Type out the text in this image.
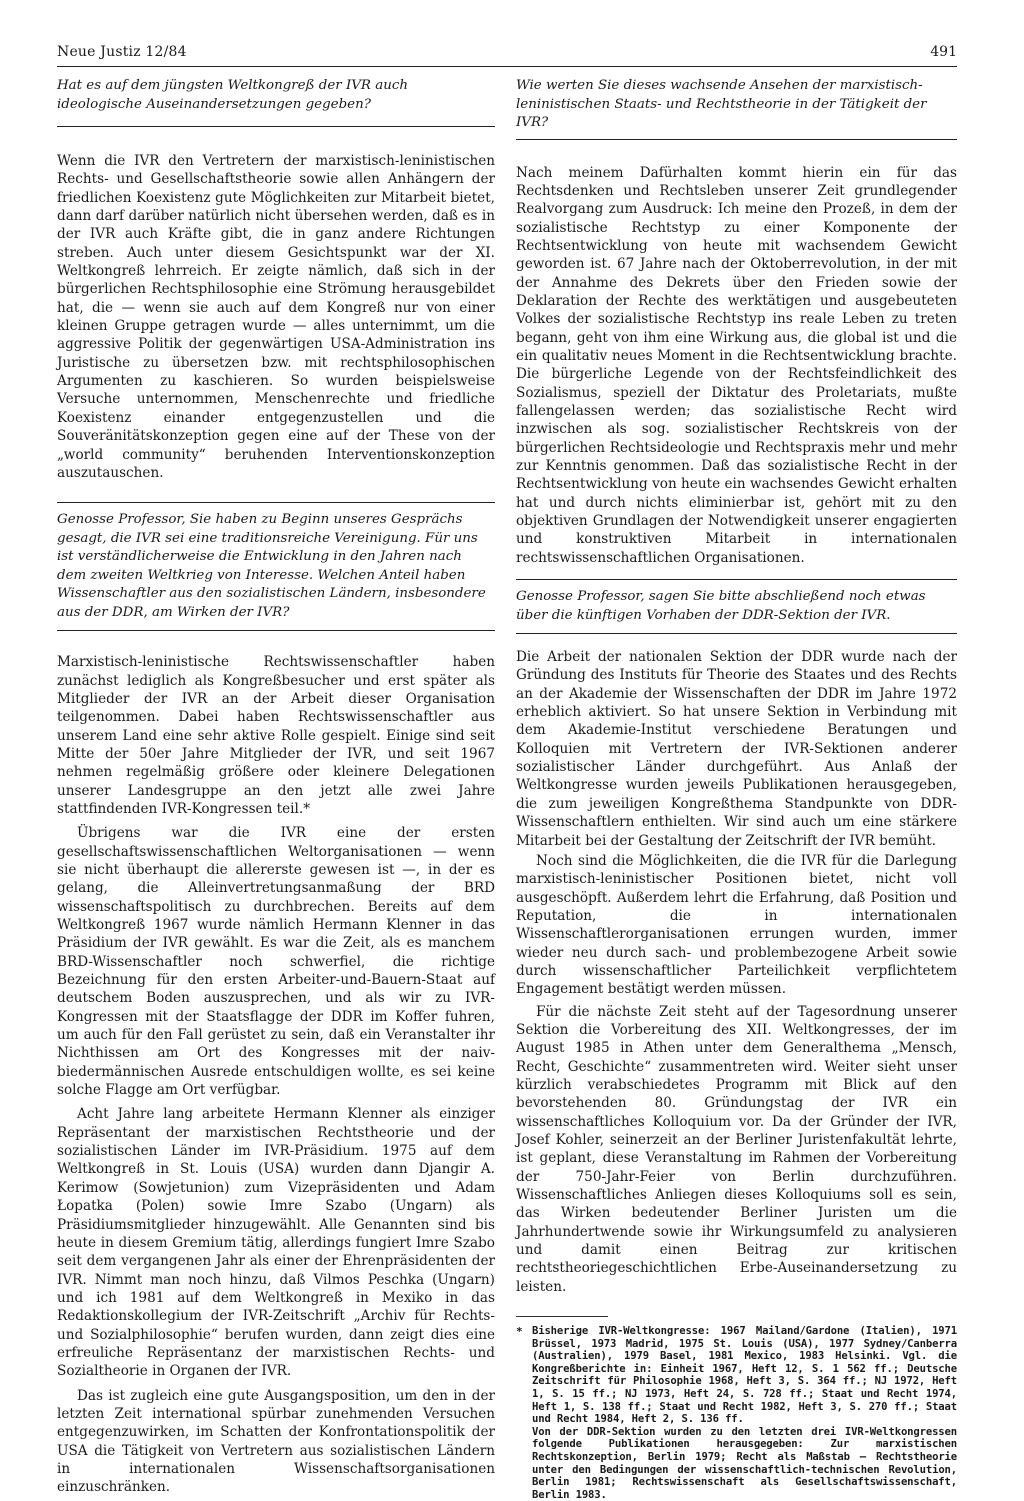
Neue Justiz 12/84	491

Hat es auf dem jüngsten Weltkongreß der IVR auch ideologische Auseinandersetzungen gegeben?

Wenn die IVR den Vertretern der marxistisch-leninistischen Rechts- und Gesellschaftstheorie sowie allen Anhängern der friedlichen Koexistenz gute Möglichkeiten zur Mitarbeit bietet, dann darf darüber natürlich nicht übersehen werden, daß es in der IVR auch Kräfte gibt, die in ganz andere Richtungen streben. Auch unter diesem Gesichtspunkt war der XI. Weltkongreß lehrreich. Er zeigte nämlich, daß sich in der bürgerlichen Rechtsphilosophie eine Strömung herausgebildet hat, die — wenn sie auch auf dem Kongreß nur von einer kleinen Gruppe getragen wurde — alles unternimmt, um die aggressive Politik der gegenwärtigen USA-Administration ins Juristische zu übersetzen bzw. mit rechtsphilosophischen Argumenten zu kaschieren. So wurden beispielsweise Versuche unternommen, Menschenrechte und friedliche Koexistenz einander entgegenzustellen und die Souveränitätskonzeption gegen eine auf der These von der „world community“ beruhenden Interventionskonzeption auszutauschen.

Genosse Professor, Sie haben zu Beginn unseres Gesprächs gesagt, die IVR sei eine traditionsreiche Vereinigung. Für uns ist verständlicherweise die Entwicklung in den Jahren nach dem zweiten Weltkrieg von Interesse. Welchen Anteil haben Wissenschaftler aus den sozialistischen Ländern, insbesondere aus der DDR, am Wirken der IVR?

Marxistisch-leninistische Rechtswissenschaftler haben zunächst lediglich als Kongreßbesucher und erst später als Mitglieder der IVR an der Arbeit dieser Organisation teilgenommen. Dabei haben Rechtswissenschaftler aus unserem Land eine sehr aktive Rolle gespielt. Einige sind seit Mitte der 50er Jahre Mitglieder der IVR, und seit 1967 nehmen regelmäßig größere oder kleinere Delegationen unserer Landesgruppe an den jetzt alle zwei Jahre stattfindenden IVR-Kongressen teil.*

Übrigens war die IVR eine der ersten gesellschaftswissenschaftlichen Weltorganisationen — wenn sie nicht überhaupt die allererste gewesen ist —, in der es gelang, die Alleinvertretungsanmaßung der BRD wissenschaftspolitisch zu durchbrechen. Bereits auf dem Weltkongreß 1967 wurde nämlich Hermann Klenner in das Präsidium der IVR gewählt. Es war die Zeit, als es manchem BRD-Wissenschaftler noch schwerfiel, die richtige Bezeichnung für den ersten Arbeiter-und-Bauern-Staat auf deutschem Boden auszusprechen, und als wir zu IVR-Kongressen mit der Staatsflagge der DDR im Koffer fuhren, um auch für den Fall gerüstet zu sein, daß ein Veranstalter ihr Nichthissen am Ort des Kongresses mit der naiv-biedermännischen Ausrede entschuldigen wollte, es sei keine solche Flagge am Ort verfügbar.

Acht Jahre lang arbeitete Hermann Klenner als einziger Repräsentant der marxistischen Rechtstheorie und der sozialistischen Länder im IVR-Präsidium. 1975 auf dem Weltkongreß in St. Louis (USA) wurden dann Djangir A. Kerimow (Sowjetunion) zum Vizepräsidenten und Adam Łopatka (Polen) sowie Imre Szabo (Ungarn) als Präsidiumsmitglieder hinzugewählt. Alle Genannten sind bis heute in diesem Gremium tätig, allerdings fungiert Imre Szabo seit dem vergangenen Jahr als einer der Ehrenpräsidenten der IVR. Nimmt man noch hinzu, daß Vilmos Peschka (Ungarn) und ich 1981 auf dem Weltkongreß in Mexiko in das Redaktionskollegium der IVR-Zeitschrift „Archiv für Rechts- und Sozialphilosophie“ berufen wurden, dann zeigt dies eine erfreuliche Repräsentanz der marxistischen Rechts- und Sozialtheorie in Organen der IVR.

Das ist zugleich eine gute Ausgangsposition, um den in der letzten Zeit international spürbar zunehmenden Versuchen entgegenzuwirken, im Schatten der Konfrontationspolitik der USA die Tätigkeit von Vertretern aus sozialistischen Ländern in internationalen Wissenschaftsorganisationen einzuschränken.

Wie werten Sie dieses wachsende Ansehen der marxistisch-leninistischen Staats- und Rechtstheorie in der Tätigkeit der IVR?

Nach meinem Dafürhalten kommt hierin ein für das Rechtsdenken und Rechtsleben unserer Zeit grundlegender Realvorgang zum Ausdruck: Ich meine den Prozeß, in dem der sozialistische Rechtstyp zu einer Komponente der Rechtsentwicklung von heute mit wachsendem Gewicht geworden ist. 67 Jahre nach der Oktoberrevolution, in der mit der Annahme des Dekrets über den Frieden sowie der Deklaration der Rechte des werktätigen und ausgebeuteten Volkes der sozialistische Rechtstyp ins reale Leben zu treten begann, geht von ihm eine Wirkung aus, die global ist und die ein qualitativ neues Moment in die Rechtsentwicklung brachte. Die bürgerliche Legende von der Rechtsfeindlichkeit des Sozialismus, speziell der Diktatur des Proletariats, mußte fallengelassen werden; das sozialistische Recht wird inzwischen als sog. sozialistischer Rechtskreis von der bürgerlichen Rechtsideologie und Rechtspraxis mehr und mehr zur Kenntnis genommen. Daß das sozialistische Recht in der Rechtsentwicklung von heute ein wachsendes Gewicht erhalten hat und durch nichts eliminierbar ist, gehört mit zu den objektiven Grundlagen der Notwendigkeit unserer engagierten und konstruktiven Mitarbeit in internationalen rechtswissenschaftlichen Organisationen.

Genosse Professor, sagen Sie bitte abschließend noch etwas über die künftigen Vorhaben der DDR-Sektion der IVR.

Die Arbeit der nationalen Sektion der DDR wurde nach der Gründung des Instituts für Theorie des Staates und des Rechts an der Akademie der Wissenschaften der DDR im Jahre 1972 erheblich aktiviert. So hat unsere Sektion in Verbindung mit dem Akademie-Institut verschiedene Beratungen und Kolloquien mit Vertretern der IVR-Sektionen anderer sozialistischer Länder durchgeführt. Aus Anlaß der Weltkongresse wurden jeweils Publikationen herausgegeben, die zum jeweiligen Kongreßthema Standpunkte von DDR-Wissenschaftlern enthielten. Wir sind auch um eine stärkere Mitarbeit bei der Gestaltung der Zeitschrift der IVR bemüht.

Noch sind die Möglichkeiten, die die IVR für die Darlegung marxistisch-leninistischer Positionen bietet, nicht voll ausgeschöpft. Außerdem lehrt die Erfahrung, daß Position und Reputation, die in internationalen Wissenschaftlerorganisationen errungen wurden, immer wieder neu durch sach- und problembezogene Arbeit sowie durch wissenschaftlicher Parteilichkeit verpflichtetem Engagement bestätigt werden müssen.

Für die nächste Zeit steht auf der Tagesordnung unserer Sektion die Vorbereitung des XII. Weltkongresses, der im August 1985 in Athen unter dem Generalthema „Mensch, Recht, Geschichte“ zusammentreten wird. Weiter sieht unser kürzlich verabschiedetes Programm mit Blick auf den bevorstehenden 80. Gründungstag der IVR ein wissenschaftliches Kolloquium vor. Da der Gründer der IVR, Josef Kohler, seinerzeit an der Berliner Juristenfakultät lehrte, ist geplant, diese Veranstaltung im Rahmen der Vorbereitung der 750-Jahr-Feier von Berlin durchzuführen. Wissenschaftliches Anliegen dieses Kolloquiums soll es sein, das Wirken bedeutender Berliner Juristen um die Jahrhundertwende sowie ihr Wirkungsumfeld zu analysieren und damit einen Beitrag zur kritischen rechtstheoriegeschichtlichen Erbe-Auseinandersetzung zu leisten.

* Bisherige IVR-Weltkongresse: 1967 Mailand/Gardone (Italien), 1971 Brüssel, 1973 Madrid, 1975 St. Louis (USA), 1977 Sydney/Canberra (Australien), 1979 Basel, 1981 Mexico, 1983 Helsinki. Vgl. die Kongreßberichte in: Einheit 1967, Heft 12, S. 1 562 ff.; Deutsche Zeitschrift für Philosophie 1968, Heft 3, S. 364 ff.; NJ 1972, Heft 1, S. 15 ff.; NJ 1973, Heft 24, S. 728 ff.; Staat und Recht 1974, Heft 1, S. 138 ff.; Staat und Recht 1982, Heft 3, S. 270 ff.; Staat und Recht 1984, Heft 2, S. 136 ff.

Von der DDR-Sektion wurden zu den letzten drei IVR-Weltkongressen folgende Publikationen herausgegeben: Zur marxistischen Rechtskonzeption, Berlin 1979; Recht als Maßstab — Rechtstheorie unter den Bedingungen der wissenschaftlich-technischen Revolution, Berlin 1981; Rechtswissenschaft als Gesellschaftswissenschaft, Berlin 1983.
